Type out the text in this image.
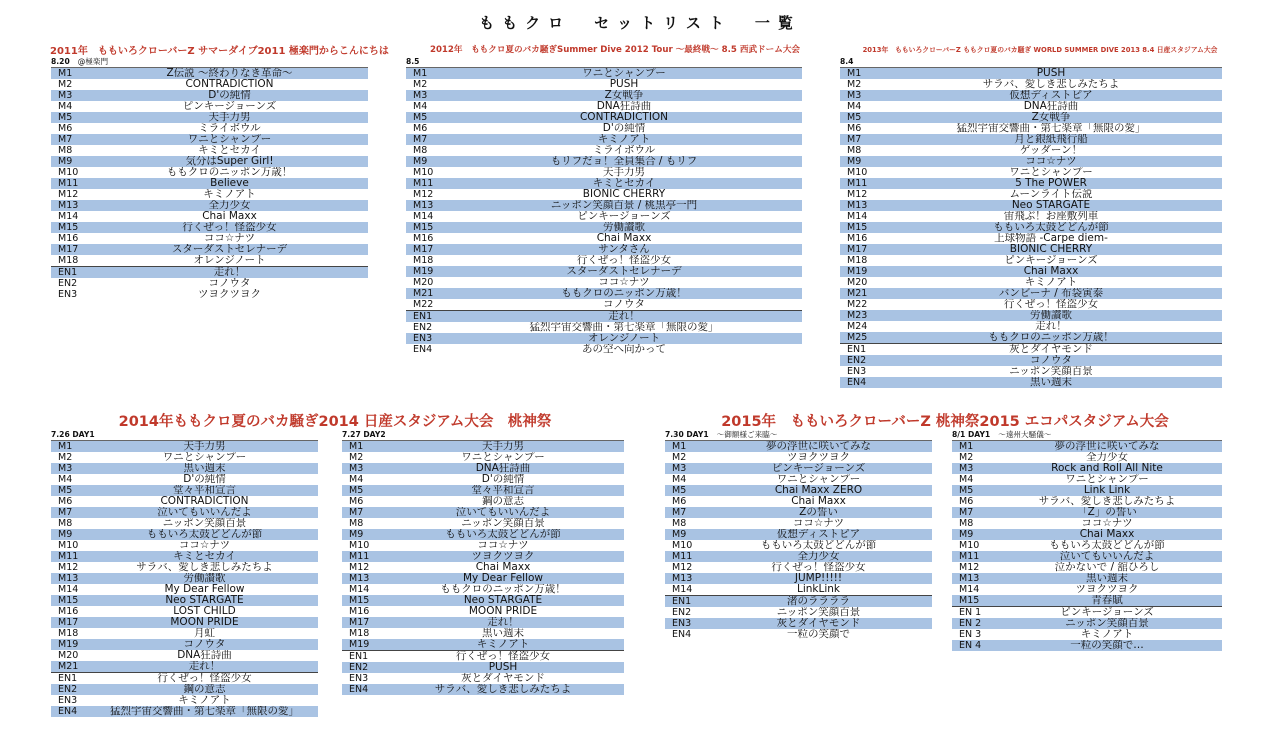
ももクロ　セットリスト　一覧
2011年　ももいろクローバーZ サマーダイブ2011 極楽門からこんにちは	2012年　ももクロ夏のバカ騒ぎSummer Dive 2012 Tour 〜最終戦〜 8.5 西武ドーム大会	2013年　ももいろクローバーZ ももクロ夏のバカ騒ぎ WORLD SUMMER DIVE 2013 8.4 日産スタジアム大会
2014年ももクロ夏のバカ騒ぎ2014 日産スタジアム大会　桃神祭	2015年　ももいろクローバーZ 桃神祭2015 エコパスタジアム大会
8.20 @極楽門
M1	Z伝説 〜終わりなき革命〜
M2	CONTRADICTION
M3	D'の純情
M4	ピンキージョーンズ
M5	天手力男
M6	ミライボウル
M7	ワニとシャンプー
M8	キミとセカイ
M9	気分はSuper Girl!
M10	ももクロのニッポン万歳！
M11	Believe
M12	キミノアト
M13	全力少女
M14	Chai Maxx
M15	行くぜっ！怪盗少女
M16	ココ☆ナツ
M17	スターダストセレナーデ
M18	オレンジノート
EN1	走れ！
EN2	コノウタ
EN3	ツヨクツヨク
8.5
M1	ワニとシャンプー
M2	PUSH
M3	Z女戦争
M4	DNA狂詩曲
M5	CONTRADICTION
M6	D'の純情
M7	キミノアト
M8	ミライボウル
M9	もリフだョ！全員集合 / もリフ
M10	天手力男
M11	キミとセカイ
M12	BIONIC CHERRY
M13	ニッポン笑顔百景 / 桃黒亭一門
M14	ピンキージョーンズ
M15	労働讃歌
M16	Chai Maxx
M17	サンタさん
M18	行くぜっ！怪盗少女
M19	スターダストセレナーデ
M20	ココ☆ナツ
M21	ももクロのニッポン万歳！
M22	コノウタ
EN1	走れ！
EN2	猛烈宇宙交響曲・第七楽章「無限の愛」
EN3	オレンジノート
EN4	あの空へ向かって
8.4
M1	PUSH
M2	サラバ、愛しき悲しみたちよ
M3	仮想ディストピア
M4	DNA狂詩曲
M5	Z女戦争
M6	猛烈宇宙交響曲・第七楽章「無限の愛」
M7	月と銀紙飛行船
M8	ゲッダーン！
M9	ココ☆ナツ
M10	ワニとシャンプー
M11	5 The POWER
M12	ムーンライト伝説
M13	Neo STARGATE
M14	宙飛ぶ！お座敷列車
M15	ももいろ太鼓どどんが節
M16	上球物語 -Carpe diem-
M17	BIONIC CHERRY
M18	ピンキージョーンズ
M19	Chai Maxx
M20	キミノアト
M21	バンビーナ / 布袋寅泰
M22	行くぜっ！怪盗少女
M23	労働讃歌
M24	走れ！
M25	ももクロのニッポン万歳！
EN1	灰とダイヤモンド
EN2	コノウタ
EN3	ニッポン笑顔百景
EN4	黒い週末
7.26 DAY1
M1	天手力男
M2	ワニとシャンプー
M3	黒い週末
M4	D'の純情
M5	堂々平和宣言
M6	CONTRADICTION
M7	泣いてもいいんだよ
M8	ニッポン笑顔百景
M9	ももいろ太鼓どどんが節
M10	ココ☆ナツ
M11	キミとセカイ
M12	サラバ、愛しき悲しみたちよ
M13	労働讃歌
M14	My Dear Fellow
M15	Neo STARGATE
M16	LOST CHILD
M17	MOON PRIDE
M18	月虹
M19	コノウタ
M20	DNA狂詩曲
M21	走れ！
EN1	行くぜっ！怪盗少女
EN2	鋼の意志
EN3	キミノアト
EN4	猛烈宇宙交響曲・第七楽章「無限の愛」
7.27 DAY2
M1	天手力男
M2	ワニとシャンプー
M3	DNA狂詩曲
M4	D'の純情
M5	堂々平和宣言
M6	鋼の意志
M7	泣いてもいいんだよ
M8	ニッポン笑顔百景
M9	ももいろ太鼓どどんが節
M10	ココ☆ナツ
M11	ツヨクツヨク
M12	Chai Maxx
M13	My Dear Fellow
M14	ももクロのニッポン万歳！
M15	Neo STARGATE
M16	MOON PRIDE
M17	走れ！
M18	黒い週末
M19	キミノアト
EN1	行くぜっ！怪盗少女
EN2	PUSH
EN3	灰とダイヤモンド
EN4	サラバ、愛しき悲しみたちよ
7.30 DAY1 〜御額様ご来臨〜
M1	夢の浮世に咲いてみな
M2	ツヨクツヨク
M3	ピンキージョーンズ
M4	ワニとシャンプー
M5	Chai Maxx ZERO
M6	Chai Maxx
M7	Zの誓い
M8	ココ☆ナツ
M9	仮想ディストピア
M10	ももいろ太鼓どどんが節
M11	全力少女
M12	行くぜっ！怪盗少女
M13	JUMP!!!!!
M14	LinkLink
EN1	渚のララララ
EN2	ニッポン笑顔百景
EN3	灰とダイヤモンド
EN4	一粒の笑顔で
8/1 DAY1 〜遠州大騒儀〜
M1	夢の浮世に咲いてみな
M2	全力少女
M3	Rock and Roll All Nite
M4	ワニとシャンプー
M5	Link Link
M6	サラバ、愛しき悲しみたちよ
M7	「Z」の誓い
M8	ココ☆ナツ
M9	Chai Maxx
M10	ももいろ太鼓どどんが節
M11	泣いてもいいんだよ
M12	泣かないで / 舘ひろし
M13	黒い週末
M14	ツヨクツヨク
M15	青春賦
EN 1	ピンキージョーンズ
EN 2	ニッポン笑顔百景
EN 3	キミノアト
EN 4	一粒の笑顔で…
